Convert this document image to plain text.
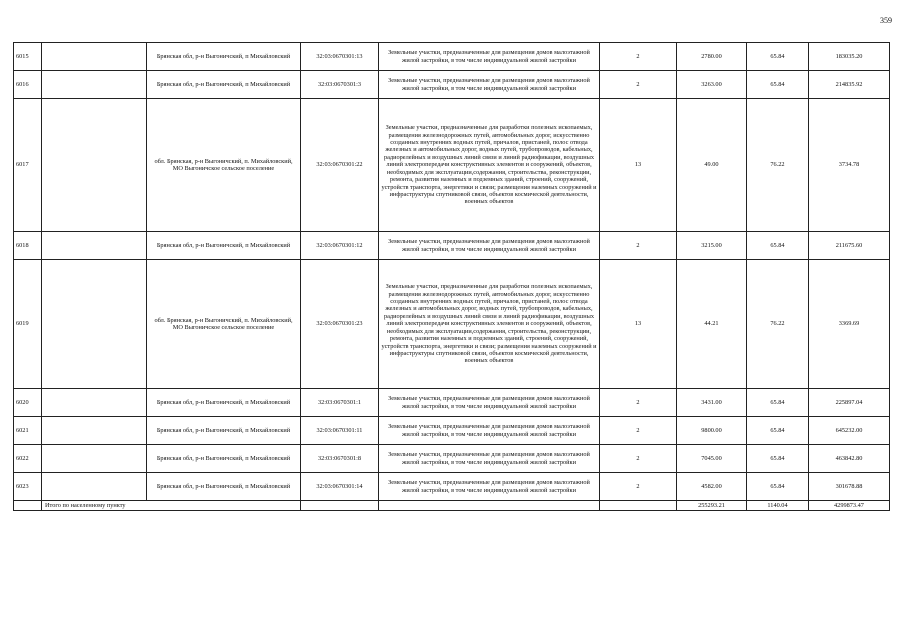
359
6015		Брянская обл, р-н Выгоничский, п Михайловский	32:03:0670301:13	Земельные участки, предназначенные для размещения домов малоэтажной жилой застройки, в том числе индивидуальной жилой застройки	2	2780.00	65.84	183035.20
6016		Брянская обл, р-н Выгоничский, п Михайловский	32:03:0670301:3	Земельные участки, предназначенные для размещения домов малоэтажной жилой застройки, в том числе индивидуальной жилой застройки	2	3263.00	65.84	214835.92
6017		обл. Брянская, р-н Выгоничский, п. Михайловский, МО Выгоничское сельское поселение	32:03:0670301:22	Земельные участки, предназначенные для разработки полезных ископаемых, размещения железнодорожных путей, автомобильных дорог, искусственно созданных внутренних водных путей, причалов, пристаней, полос отвода железных и автомобильных дорог, водных путей, трубопроводов, кабельных, радиорелейных и воздушных линий связи и линий радиофикации, воздушных линий электропередачи конструктивных элементов и сооружений, объектов, необходимых для эксплуатации,содержания, строительства, реконструкции, ремонта, развития наземных и подземных зданий, строений, сооружений, устройств транспорта, энергетики и связи; размещения наземных сооружений и инфраструктуры спутниковой связи, объектов космической деятельности, военных объектов	13	49.00	76.22	3734.78
6018		Брянская обл, р-н Выгоничский, п Михайловский	32:03:0670301:12	Земельные участки, предназначенные для размещения домов малоэтажной жилой застройки, в том числе индивидуальной жилой застройки	2	3215.00	65.84	211675.60
6019		обл. Брянская, р-н Выгоничский, п. Михайловский, МО Выгоничское сельское поселение	32:03:0670301:23	Земельные участки, предназначенные для разработки полезных ископаемых, размещения железнодорожных путей, автомобильных дорог, искусственно созданных внутренних водных путей, причалов, пристаней, полос отвода железных и автомобильных дорог, водных путей, трубопроводов, кабельных, радиорелейных и воздушных линий связи и линий радиофикации, воздушных линий электропередачи конструктивных элементов и сооружений, объектов, необходимых для эксплуатации,содержания, строительства, реконструкции, ремонта, развития наземных и подземных зданий, строений, сооружений, устройств транспорта, энергетики и связи; размещения наземных сооружений и инфраструктуры спутниковой связи, объектов космической деятельности, военных объектов	13	44.21	76.22	3369.69
6020		Брянская обл, р-н Выгоничский, п Михайловский	32:03:0670301:1	Земельные участки, предназначенные для размещения домов малоэтажной жилой застройки, в том числе индивидуальной жилой застройки	2	3431.00	65.84	225897.04
6021		Брянская обл, р-н Выгоничский, п Михайловский	32:03:0670301:11	Земельные участки, предназначенные для размещения домов малоэтажной жилой застройки, в том числе индивидуальной жилой застройки	2	9800.00	65.84	645232.00
6022		Брянская обл, р-н Выгоничский, п Михайловский	32:03:0670301:8	Земельные участки, предназначенные для размещения домов малоэтажной жилой застройки, в том числе индивидуальной жилой застройки	2	7045.00	65.84	463842.80
6023		Брянская обл, р-н Выгоничский, п Михайловский	32:03:0670301:14	Земельные участки, предназначенные для размещения домов малоэтажной жилой застройки, в том числе индивидуальной жилой застройки	2	4582.00	65.84	301678.88
	Итого по населенному пункту					255293.21	1140.04	4299873.47
